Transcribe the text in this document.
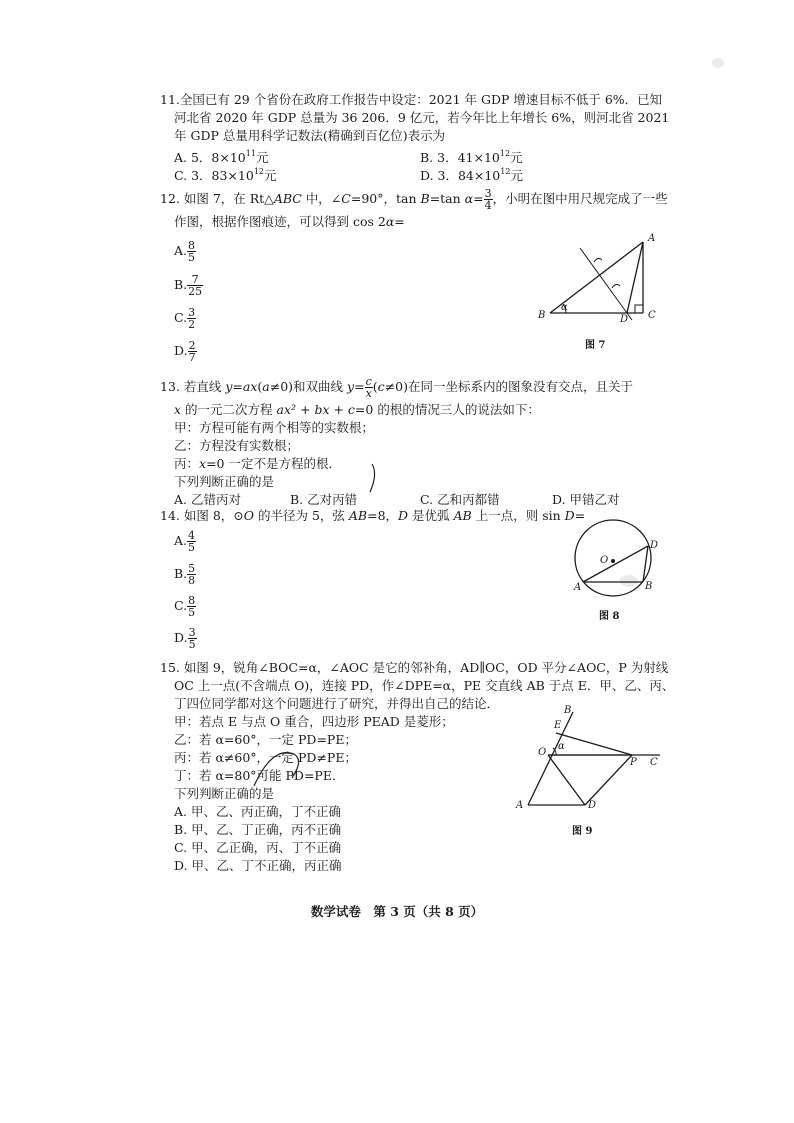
11.全国已有 29 个省份在政府工作报告中设定：2021 年 GDP 增速目标不低于 6%．已知
河北省 2020 年 GDP 总量为 36 206．9 亿元，若今年比上年增长 6%，则河北省 2021
年 GDP 总量用科学记数法(精确到百亿位)表示为
A. 5．$8\times 10^{11}$元	B. 3．$41\times 10^{12}$元
C. 3．$83\times 10^{12}$元	D. 3．$84\times 10^{12}$元
12. 如图 7，在 Rt△ABC 中，∠C=90°，tan B=tan $\alpha= \frac{3}{4}$ ，小明在图中用尺规完成了一些
作图，根据作图痕迹，可以得到 cos 2α=
A. $\frac{8}{5}$
B. $\frac{7}{25}$
C. $\frac{3}{2}$
D. $\frac{2}{7}$
A
B	C
D
α
图 7
13. 若直线 y=ax(a≠0)和双曲线 $y= \frac{c}{x} (c\ne 0)$在同一坐标系内的图象没有交点，且关于
x 的一元二次方程 ax² + bx + c=0 的根的情况三人的说法如下：
甲：方程可能有两个相等的实数根；
乙：方程没有实数根；
丙：x=0 一定不是方程的根．
下列判断正确的是
A. 乙错丙对	B. 乙对丙错	C. 乙和丙都错	D. 甲错乙对
14. 如图 8，⊙O 的半径为 5，弦 AB=8，D 是优弧 AB 上一点，则 sin D=
A. $\frac{4}{5}$
B. $\frac{5}{8}$
C. $\frac{8}{5}$
D. $\frac{3}{5}$
O
A	B
D
图 8
15. 如图 9，锐角∠BOC=α，∠AOC 是它的邻补角，AD∥OC，OD 平分∠AOC，P 为射线
OC 上一点(不含端点 O)，连接 PD，作∠DPE=α，PE 交直线 AB 于点 E．甲、乙、丙、
丁四位同学都对这个问题进行了研究，并得出自己的结论．
甲：若点 E 与点 O 重合，四边形 PEAD 是菱形；
乙：若 α=60°，一定 PD=PE；
丙：若 α≠60°，一定 PD≠PE；
丁：若 α=80°可能 PD=PE．
下列判断正确的是
A. 甲、乙、丙正确，丁不正确
B. 甲、乙、丁正确，丙不正确
C. 甲、乙正确，丙、丁不正确
D. 甲、乙、丁不正确，丙正确
B
E
O
α
P C
A	D
图 9
数学试卷　第 3 页（共 8 页）
